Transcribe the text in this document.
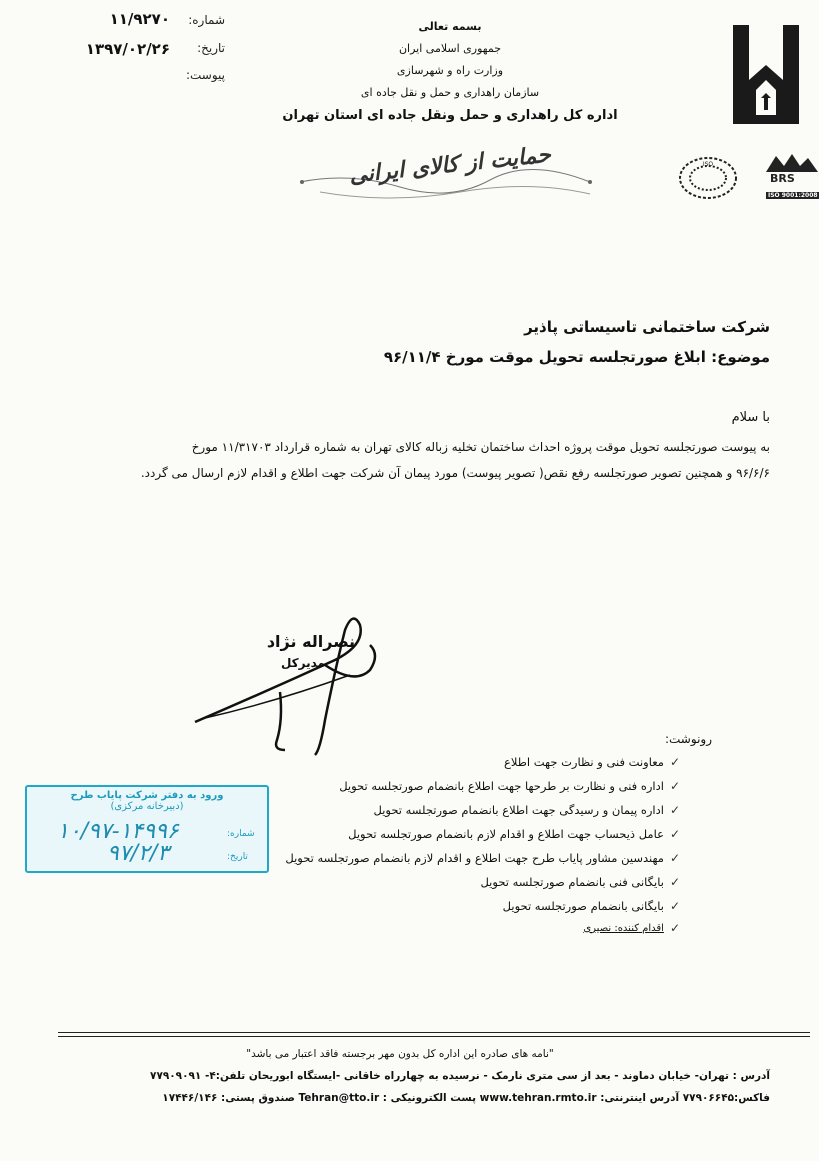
شماره:
۱۱/۹۲۷۰
تاریخ:
۱۳۹۷/۰۲/۲۶
پیوست:
بسمه تعالی
جمهوری اسلامی ایران
وزارت راه و شهرسازی
سازمان راهداری و حمل و نقل جاده ای
اداره کل راهداری و حمل ونقل جاده ای استان تهران
حمایت از کالای ایرانی	ISO
BRS
ISO 9001:2008
شرکت ساختمانی تاسیساتی پاذیر
موضوع: ابلاغ صورتجلسه تحویل موقت مورخ ۹۶/۱۱/۴
با سلام
به پیوست صورتجلسه تحویل موقت پروژه احداث ساختمان تخلیه زباله کالای تهران به شماره قرارداد ۱۱/۳۱۷۰۳ مورخ
۹۶/۶/۶ و همچنین تصویر صورتجلسه رفع نقص( تصویر پیوست) مورد پیمان آن شرکت جهت اطلاع و اقدام لازم ارسال می گردد.
نصراله نژاد
مدیرکل
رونوشت:
✓
معاونت فنی و نظارت جهت اطلاع
✓
اداره فنی و نظارت بر طرحها جهت اطلاع بانضمام صورتجلسه تحویل
✓
اداره پیمان و رسیدگی جهت اطلاع بانضمام صورتجلسه تحویل
✓
عامل ذیحساب جهت اطلاع و اقدام لازم بانضمام صورتجلسه تحویل
✓
مهندسین مشاور پایاب طرح جهت اطلاع و اقدام لازم بانضمام صورتجلسه تحویل
✓
بایگانی فنی بانضمام صورتجلسه تحویل
✓
بایگانی بانضمام صورتجلسه تحویل
✓
اقدام کننده: نصیری
ورود به دفتر شرکت پایاب طرح
(دبیرخانه مرکزی)
شماره:
۱۰/۹۷-۱۴۹۹۶
تاریخ:
۹۷/۲/۳
"نامه های صادره این اداره کل بدون مهر برجسته فاقد اعتبار می باشد"
آدرس : تهران- خیابان دماوند - بعد از سی متری نارمک - نرسیده به چهارراه خاقانی -ایستگاه ابوریحان تلفن:۴- ۷۷۹۰۹۰۹۱
فاکس:۷۷۹۰۶۶۴۵ آدرس اینترنتی: www.tehran.rmto.ir پست الکترونیکی : Tehran@tto.ir صندوق پستی: ۱۷۴۴۶/۱۴۶
